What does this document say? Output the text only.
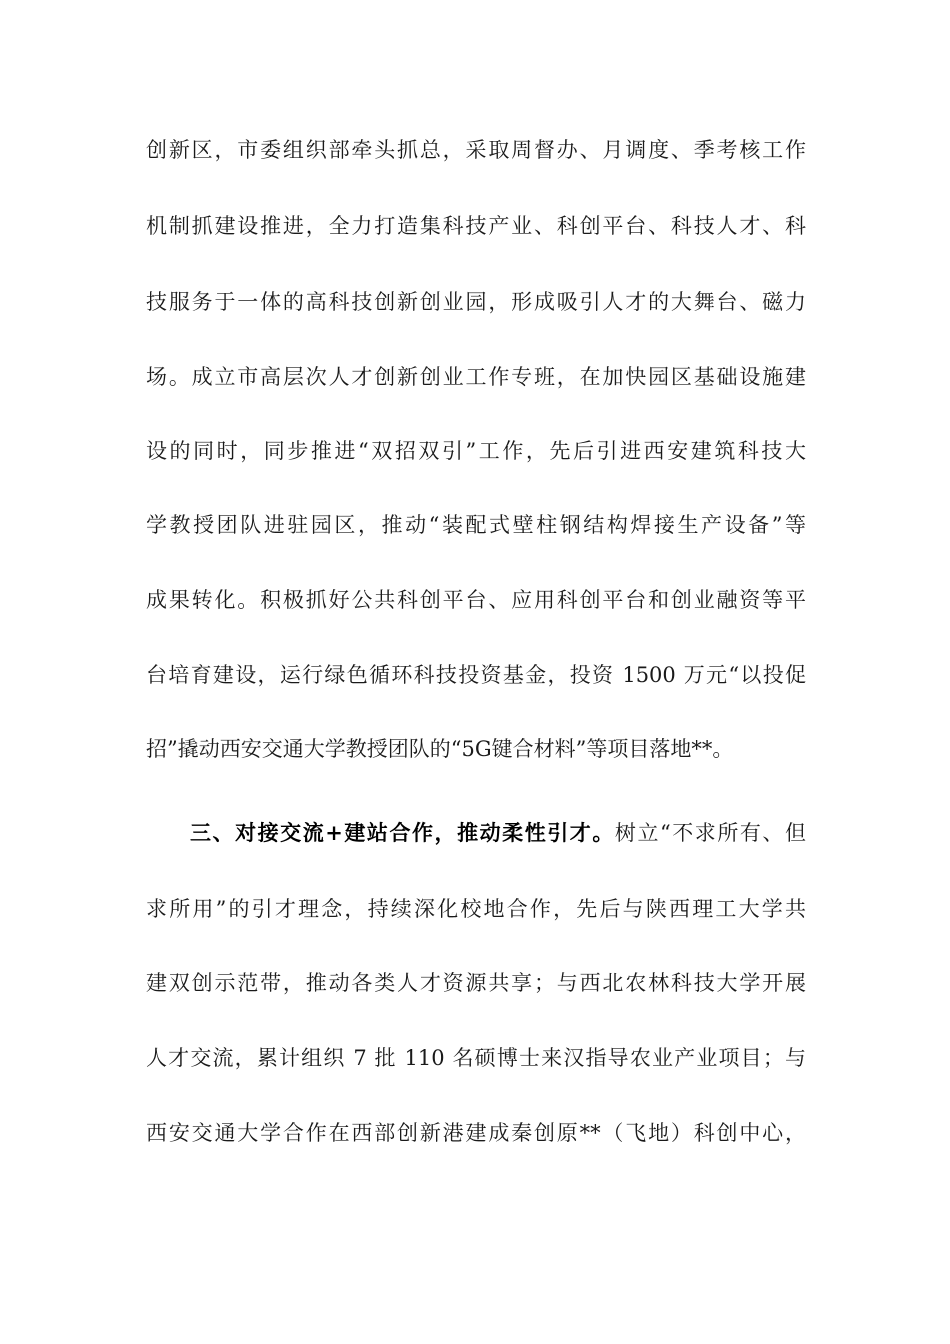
创新区，市委组织部牵头抓总，采取周督办、月调度、季考核工作
机制抓建设推进，全力打造集科技产业、科创平台、科技人才、科
技服务于一体的高科技创新创业园，形成吸引人才的大舞台、磁力
场。成立市高层次人才创新创业工作专班，在加快园区基础设施建
设的同时，同步推进“双招双引”工作，先后引进西安建筑科技大
学教授团队进驻园区，推动“装配式壁柱钢结构焊接生产设备”等
成果转化。积极抓好公共科创平台、应用科创平台和创业融资等平
台培育建设，运行绿色循环科技投资基金，投资 1500 万元“以投促
招”撬动西安交通大学教授团队的“5G键合材料”等项目落地**。
三、对接交流+建站合作，推动柔性引才。树立“不求所有、但
求所用”的引才理念，持续深化校地合作，先后与陕西理工大学共
建双创示范带，推动各类人才资源共享；与西北农林科技大学开展
人才交流，累计组织 7 批 110 名硕博士来汉指导农业产业项目；与
西安交通大学合作在西部创新港建成秦创原**（飞地）科创中心，
